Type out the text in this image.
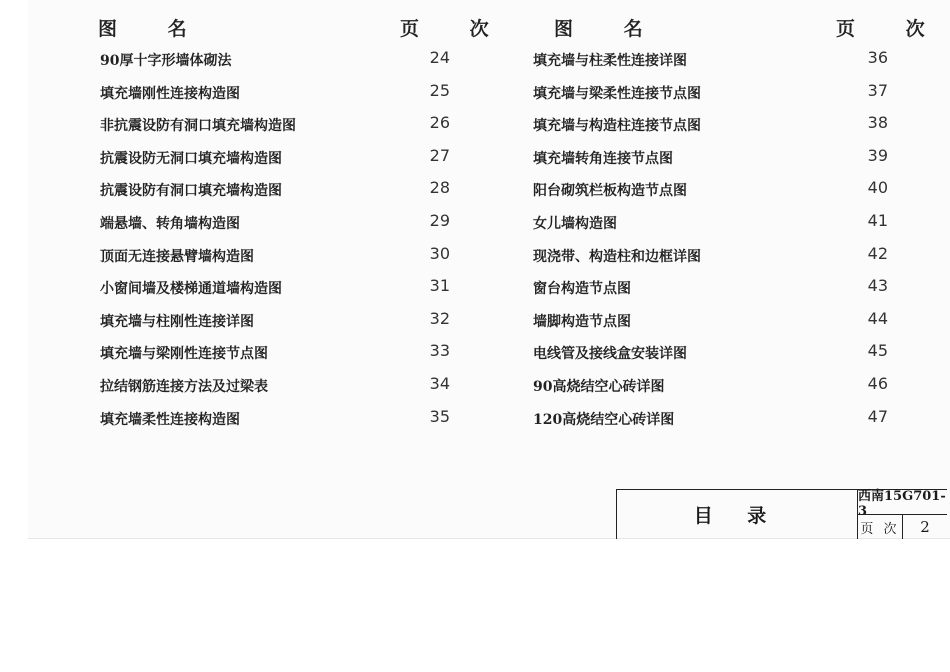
图 名	页 次 图 名	页 次
90厚十字形墙体砌法	24
填充墙刚性连接构造图	25
非抗震设防有洞口填充墙构造图	26
抗震设防无洞口填充墙构造图	27
抗震设防有洞口填充墙构造图	28
端悬墙、转角墙构造图	29
顶面无连接悬臂墙构造图	30
小窗间墙及楼梯通道墙构造图	31
填充墙与柱刚性连接详图	32
填充墙与梁刚性连接节点图	33
拉结钢筋连接方法及过梁表	34
填充墙柔性连接构造图	35
填充墙与柱柔性连接详图	36
填充墙与梁柔性连接节点图	37
填充墙与构造柱连接节点图	38
填充墙转角连接节点图	39
阳台砌筑栏板构造节点图	40
女儿墙构造图	41
现浇带、构造柱和边框详图	42
窗台构造节点图	43
墙脚构造节点图	44
电线管及接线盒安装详图	45
90高烧结空心砖详图	46
120高烧结空心砖详图	47
目 录
西南15G701-3
页 次	2
